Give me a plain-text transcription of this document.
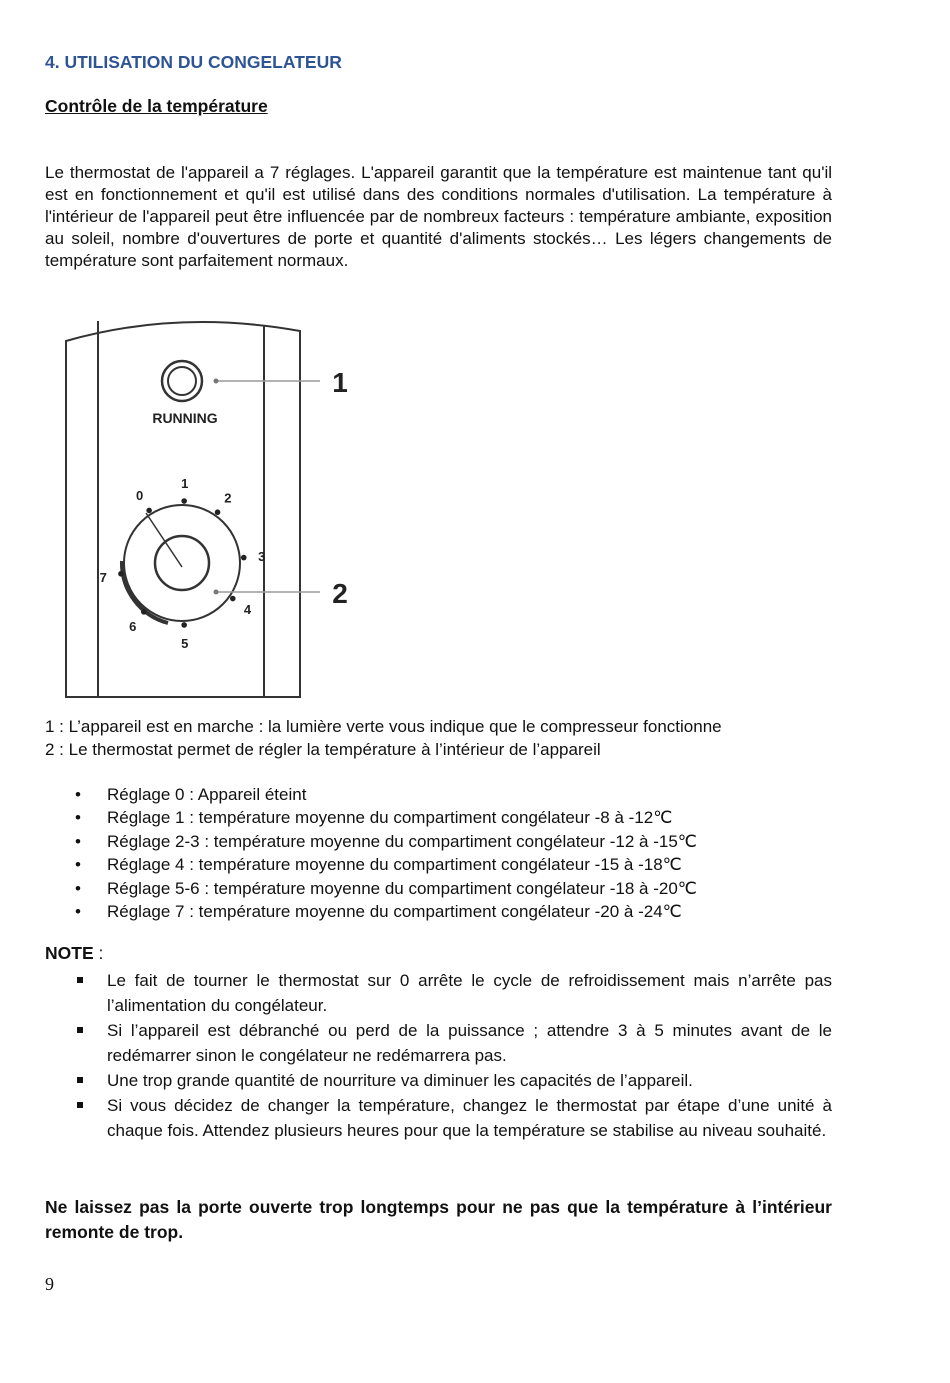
4. UTILISATION DU CONGELATEUR
Contrôle de la température
Le thermostat de l'appareil a 7 réglages. L'appareil garantit que la température est maintenue tant qu'il est en fonctionnement et qu'il est utilisé dans des conditions normales d'utilisation. La température à l'intérieur de l'appareil peut être influencée par de nombreux facteurs : température ambiante, exposition au soleil, nombre d'ouvertures de porte et quantité d'aliments stockés… Les légers changements de température sont parfaitement normaux.
RUNNING
1
0
1
2
3
4
5
6
7
2
1 : L’appareil est en marche : la lumière verte vous indique que le compresseur fonctionne
2 : Le thermostat permet de régler la température à l’intérieur de l’appareil
• Réglage 0 : Appareil éteint
• Réglage 1 : température moyenne du compartiment congélateur -8 à -12℃
• Réglage 2-3 : température moyenne du compartiment congélateur -12 à -15℃
• Réglage 4 : température moyenne du compartiment congélateur -15 à -18℃
• Réglage 5-6 : température moyenne du compartiment congélateur -18 à -20℃
• Réglage 7 : température moyenne du compartiment congélateur -20 à -24℃
NOTE :
Le fait de tourner le thermostat sur 0 arrête le cycle de refroidissement mais n’arrête pas l’alimentation du congélateur.
Si l’appareil est débranché ou perd de la puissance ; attendre 3 à 5 minutes avant de le redémarrer sinon le congélateur ne redémarrera pas.
Une trop grande quantité de nourriture va diminuer les capacités de l’appareil.
Si vous décidez de changer la température, changez le thermostat par étape d’une unité à chaque fois. Attendez plusieurs heures pour que la température se stabilise au niveau souhaité.
Ne laissez pas la porte ouverte trop longtemps pour ne pas que la température à l’intérieur remonte de trop.
9
